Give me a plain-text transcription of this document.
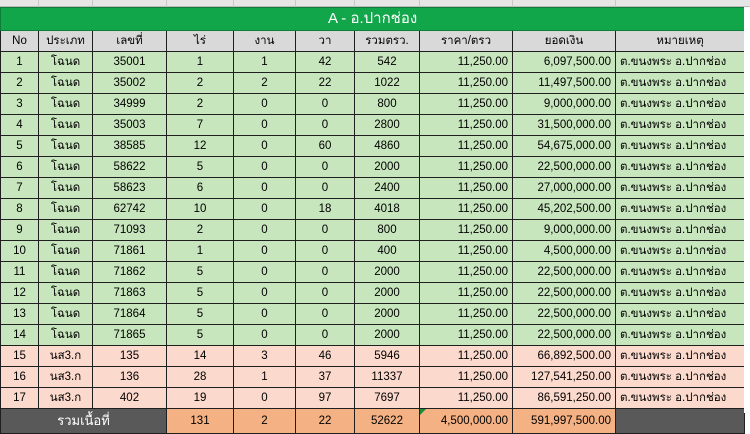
A - อ.ปากช่อง									
No	ประเภท	เลขที่	ไร่	งาน	วา	รวมตรว.	ราคา/ตรว	ยอดเงิน	หมายเหตุ
1	โฉนด	35001	1	1	42	542	11,250.00	6,097,500.00	ต.ขนงพระ อ.ปากช่อง
2	โฉนด	35002	2	2	22	1022	11,250.00	11,497,500.00	ต.ขนงพระ อ.ปากช่อง
3	โฉนด	34999	2	0	0	800	11,250.00	9,000,000.00	ต.ขนงพระ อ.ปากช่อง
4	โฉนด	35003	7	0	0	2800	11,250.00	31,500,000.00	ต.ขนงพระ อ.ปากช่อง
5	โฉนด	38585	12	0	60	4860	11,250.00	54,675,000.00	ต.ขนงพระ อ.ปากช่อง
6	โฉนด	58622	5	0	0	2000	11,250.00	22,500,000.00	ต.ขนงพระ อ.ปากช่อง
7	โฉนด	58623	6	0	0	2400	11,250.00	27,000,000.00	ต.ขนงพระ อ.ปากช่อง
8	โฉนด	62742	10	0	18	4018	11,250.00	45,202,500.00	ต.ขนงพระ อ.ปากช่อง
9	โฉนด	71093	2	0	0	800	11,250.00	9,000,000.00	ต.ขนงพระ อ.ปากช่อง
10	โฉนด	71861	1	0	0	400	11,250.00	4,500,000.00	ต.ขนงพระ อ.ปากช่อง
11	โฉนด	71862	5	0	0	2000	11,250.00	22,500,000.00	ต.ขนงพระ อ.ปากช่อง
12	โฉนด	71863	5	0	0	2000	11,250.00	22,500,000.00	ต.ขนงพระ อ.ปากช่อง
13	โฉนด	71864	5	0	0	2000	11,250.00	22,500,000.00	ต.ขนงพระ อ.ปากช่อง
14	โฉนด	71865	5	0	0	2000	11,250.00	22,500,000.00	ต.ขนงพระ อ.ปากช่อง
15	นส3.ก	135	14	3	46	5946	11,250.00	66,892,500.00	ต.ขนงพระ อ.ปากช่อง
16	นส3.ก	136	28	1	37	11337	11,250.00	127,541,250.00	ต.ขนงพระ อ.ปากช่อง
17	นส3.ก	402	19	0	97	7697	11,250.00	86,591,250.00	ต.ขนงพระ อ.ปากช่อง
รวมเนื้อที่			131	2	22	52622	4,500,000.00	591,997,500.00	
